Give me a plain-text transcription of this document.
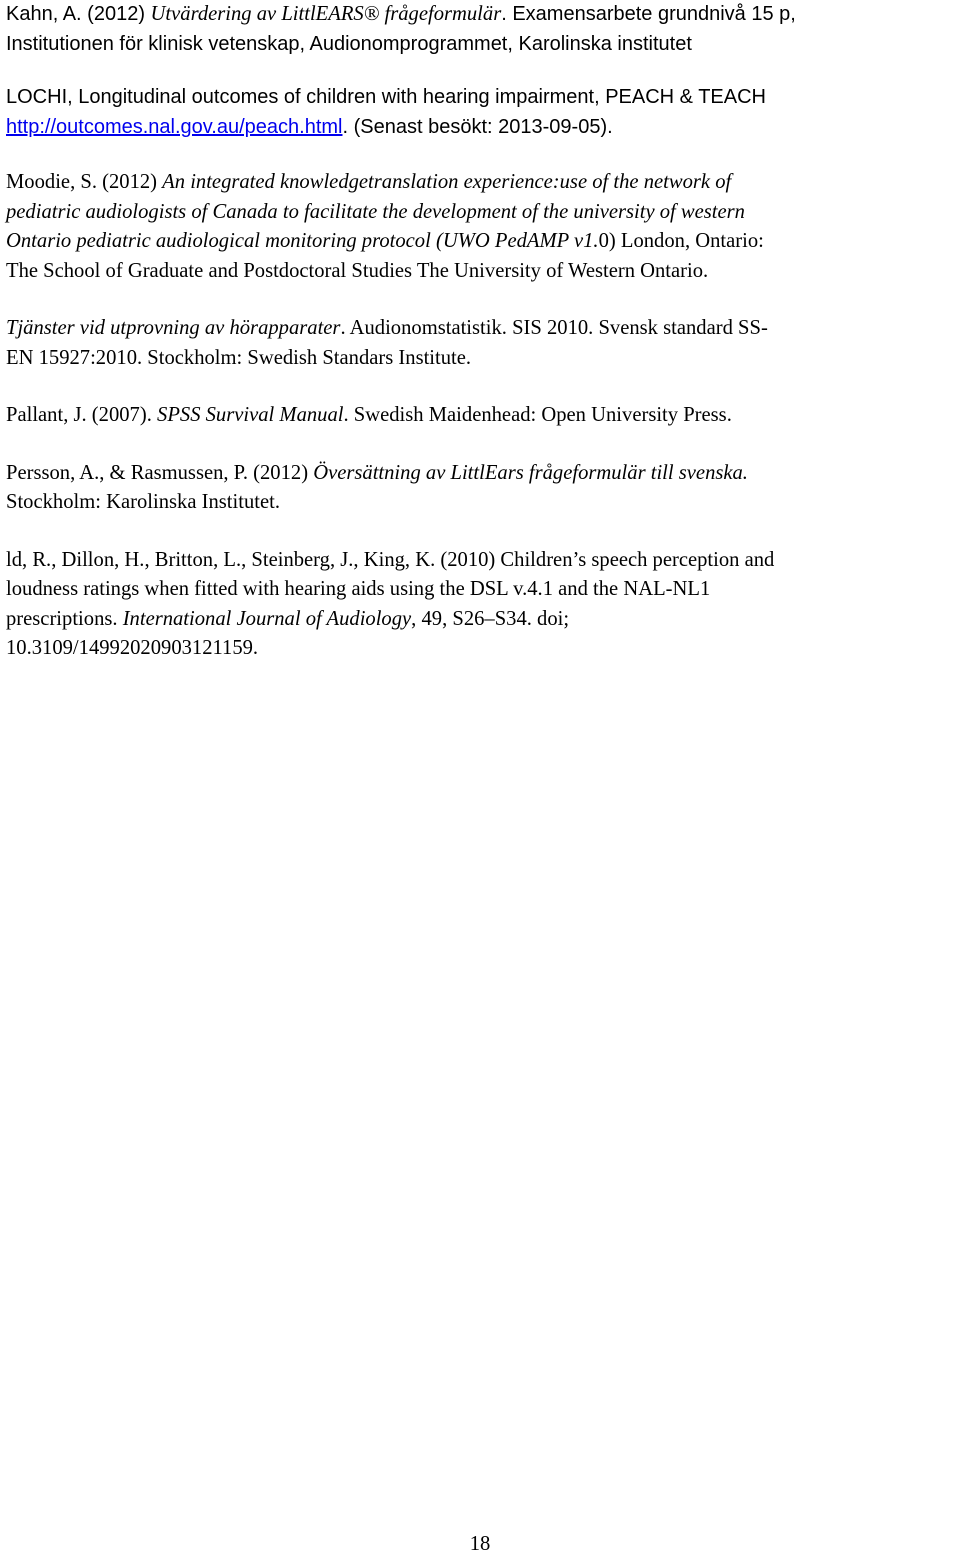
Kahn, A. (2012) Utvärdering av LittlEARS® frågeformulär. Examensarbete grundnivå 15 p,
Institutionen för klinisk vetenskap, Audionomprogrammet, Karolinska institutet
LOCHI, Longitudinal outcomes of children with hearing impairment, PEACH & TEACH
http://outcomes.nal.gov.au/peach.html. (Senast besökt: 2013-09-05).
Moodie, S. (2012) An integrated knowledgetranslation experience:use of the network of
pediatric audiologists of Canada to facilitate the development of the university of western
Ontario pediatric audiological monitoring protocol (UWO PedAMP v1.0) London, Ontario:
The School of Graduate and Postdoctoral Studies The University of Western Ontario.
Tjänster vid utprovning av hörapparater. Audionomstatistik. SIS 2010. Svensk standard SS-
EN 15927:2010. Stockholm: Swedish Standars Institute.
Pallant, J. (2007). SPSS Survival Manual. Swedish Maidenhead: Open University Press.
Persson, A., & Rasmussen, P. (2012) Översättning av LittlEars frågeformulär till svenska.
Stockholm: Karolinska Institutet.
ld, R., Dillon, H., Britton, L., Steinberg, J., King, K. (2010) Children’s speech perception and
loudness ratings when fitted with hearing aids using the DSL v.4.1 and the NAL-NL1
prescriptions. International Journal of Audiology, 49, S26–S34. doi;
10.3109/14992020903121159.
18
